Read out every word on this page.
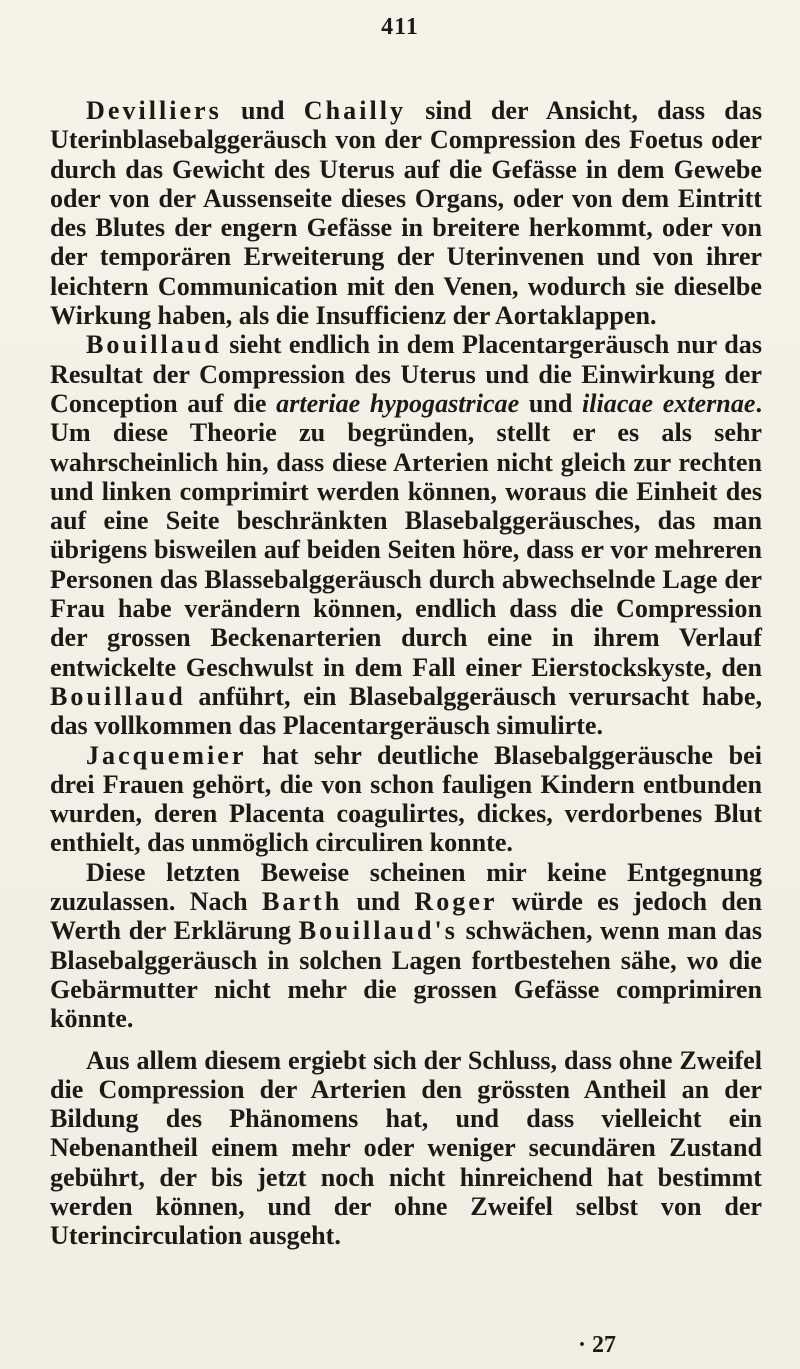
411

Devilliers und Chailly sind der Ansicht, dass das Uterinblasebalggeräusch von der Compression des Foetus oder durch das Gewicht des Uterus auf die Gefässe in dem Gewebe oder von der Aussenseite dieses Organs, oder von dem Eintritt des Blutes der engern Gefässe in breitere herkommt, oder von der temporären Erweiterung der Uterinvenen und von ihrer leichtern Communication mit den Venen, wodurch sie dieselbe Wirkung haben, als die Insufficienz der Aortaklappen.

Bouillaud sieht endlich in dem Placentargeräusch nur das Resultat der Compression des Uterus und die Einwirkung der Conception auf die arteriae hypogastricae und iliacae externae. Um diese Theorie zu begründen, stellt er es als sehr wahrscheinlich hin, dass diese Arterien nicht gleich zur rechten und linken comprimirt werden können, woraus die Einheit des auf eine Seite beschränkten Blasebalggeräusches, das man übrigens bisweilen auf beiden Seiten höre, dass er vor mehreren Personen das Blassebalggeräusch durch abwechselnde Lage der Frau habe verändern können, endlich dass die Compression der grossen Beckenarterien durch eine in ihrem Verlauf entwickelte Geschwulst in dem Fall einer Eierstockskyste, den Bouillaud anführt, ein Blasebalggeräusch verursacht habe, das vollkommen das Placentargeräusch simulirte.

Jacquemier hat sehr deutliche Blasebalggeräusche bei drei Frauen gehört, die von schon fauligen Kindern entbunden wurden, deren Placenta coagulirtes, dickes, verdorbenes Blut enthielt, das unmöglich circuliren konnte.

Diese letzten Beweise scheinen mir keine Entgegnung zuzulassen. Nach Barth und Roger würde es jedoch den Werth der Erklärung Bouillaud's schwächen, wenn man das Blasebalggeräusch in solchen Lagen fortbestehen sähe, wo die Gebärmutter nicht mehr die grossen Gefässe comprimiren könnte.

Aus allem diesem ergiebt sich der Schluss, dass ohne Zweifel die Compression der Arterien den grössten Antheil an der Bildung des Phänomens hat, und dass vielleicht ein Nebenantheil einem mehr oder weniger secundären Zustand gebührt, der bis jetzt noch nicht hinreichend hat bestimmt werden können, und der ohne Zweifel selbst von der Uterincirculation ausgeht.

· 27
